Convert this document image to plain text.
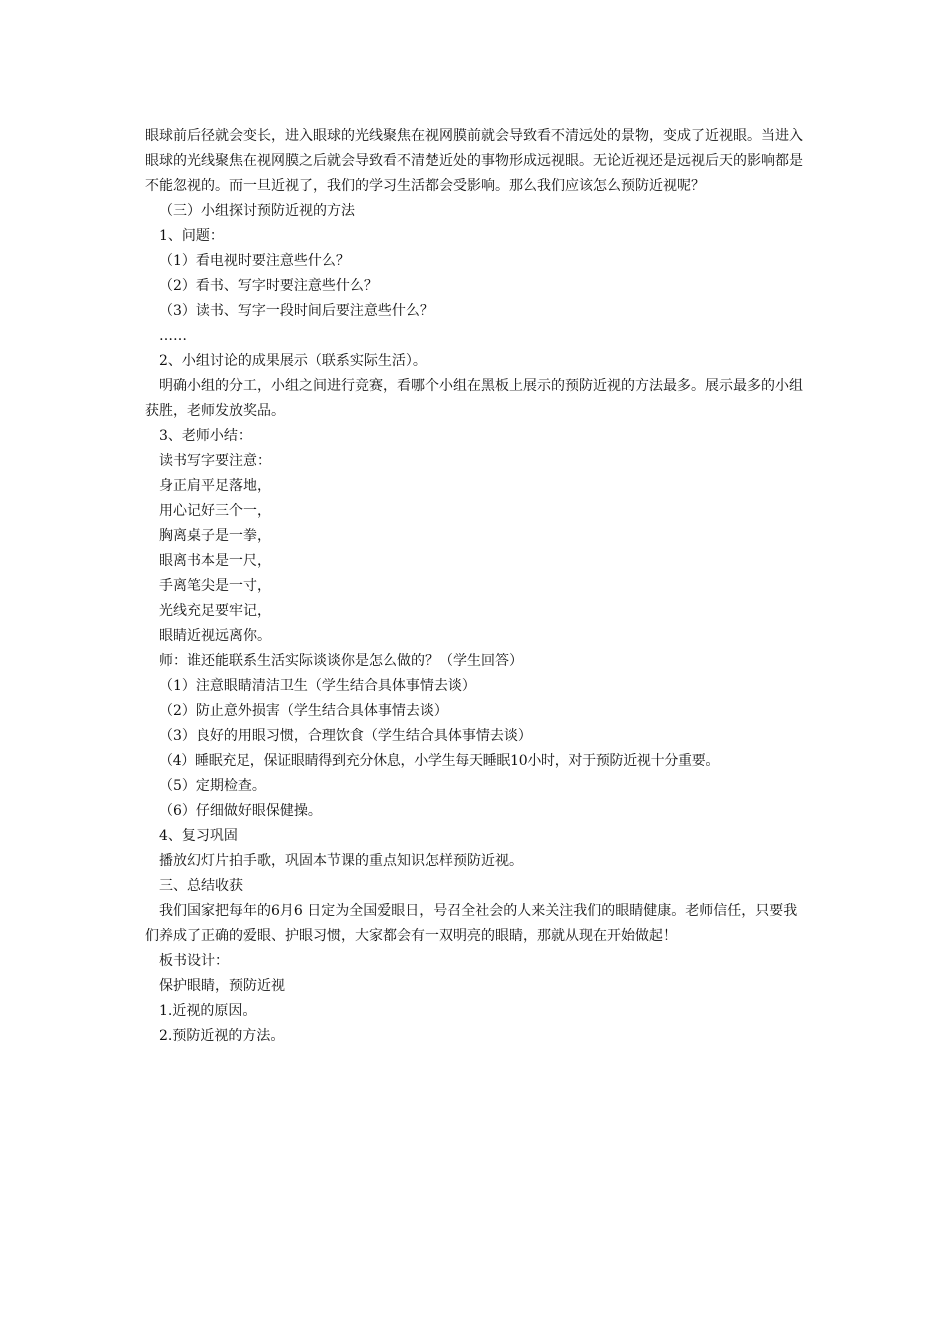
眼球前后径就会变长，进入眼球的光线聚焦在视网膜前就会导致看不清远处的景物，变成了近视眼。当进入眼球的光线聚焦在视网膜之后就会导致看不清楚近处的事物形成远视眼。无论近视还是远视后天的影响都是不能忽视的。而一旦近视了，我们的学习生活都会受影响。那么我们应该怎么预防近视呢？

（三）小组探讨预防近视的方法

1、问题：

（1）看电视时要注意些什么？

（2）看书、写字时要注意些什么？

（3）读书、写字一段时间后要注意些什么？

……

2、小组讨论的成果展示（联系实际生活）。

明确小组的分工，小组之间进行竞赛，看哪个小组在黑板上展示的预防近视的方法最多。展示最多的小组获胜，老师发放奖品。

3、老师小结：

读书写字要注意：

身正肩平足落地，

用心记好三个一，

胸离桌子是一拳，

眼离书本是一尺，

手离笔尖是一寸，

光线充足要牢记，

眼睛近视远离你。

师：谁还能联系生活实际谈谈你是怎么做的？（学生回答）

（1）注意眼睛清洁卫生（学生结合具体事情去谈）

（2）防止意外损害（学生结合具体事情去谈）

（3）良好的用眼习惯，合理饮食（学生结合具体事情去谈）

（4）睡眠充足，保证眼睛得到充分休息，小学生每天睡眠10小时，对于预防近视十分重要。

（5）定期检查。

（6）仔细做好眼保健操。

4、复习巩固

播放幻灯片拍手歌，巩固本节课的重点知识怎样预防近视。

三、总结收获

我们国家把每年的6月6 日定为全国爱眼日，号召全社会的人来关注我们的眼睛健康。老师信任，只要我们养成了正确的爱眼、护眼习惯，大家都会有一双明亮的眼睛，那就从现在开始做起！

板书设计：

保护眼睛，预防近视

1.近视的原因。

2.预防近视的方法。
